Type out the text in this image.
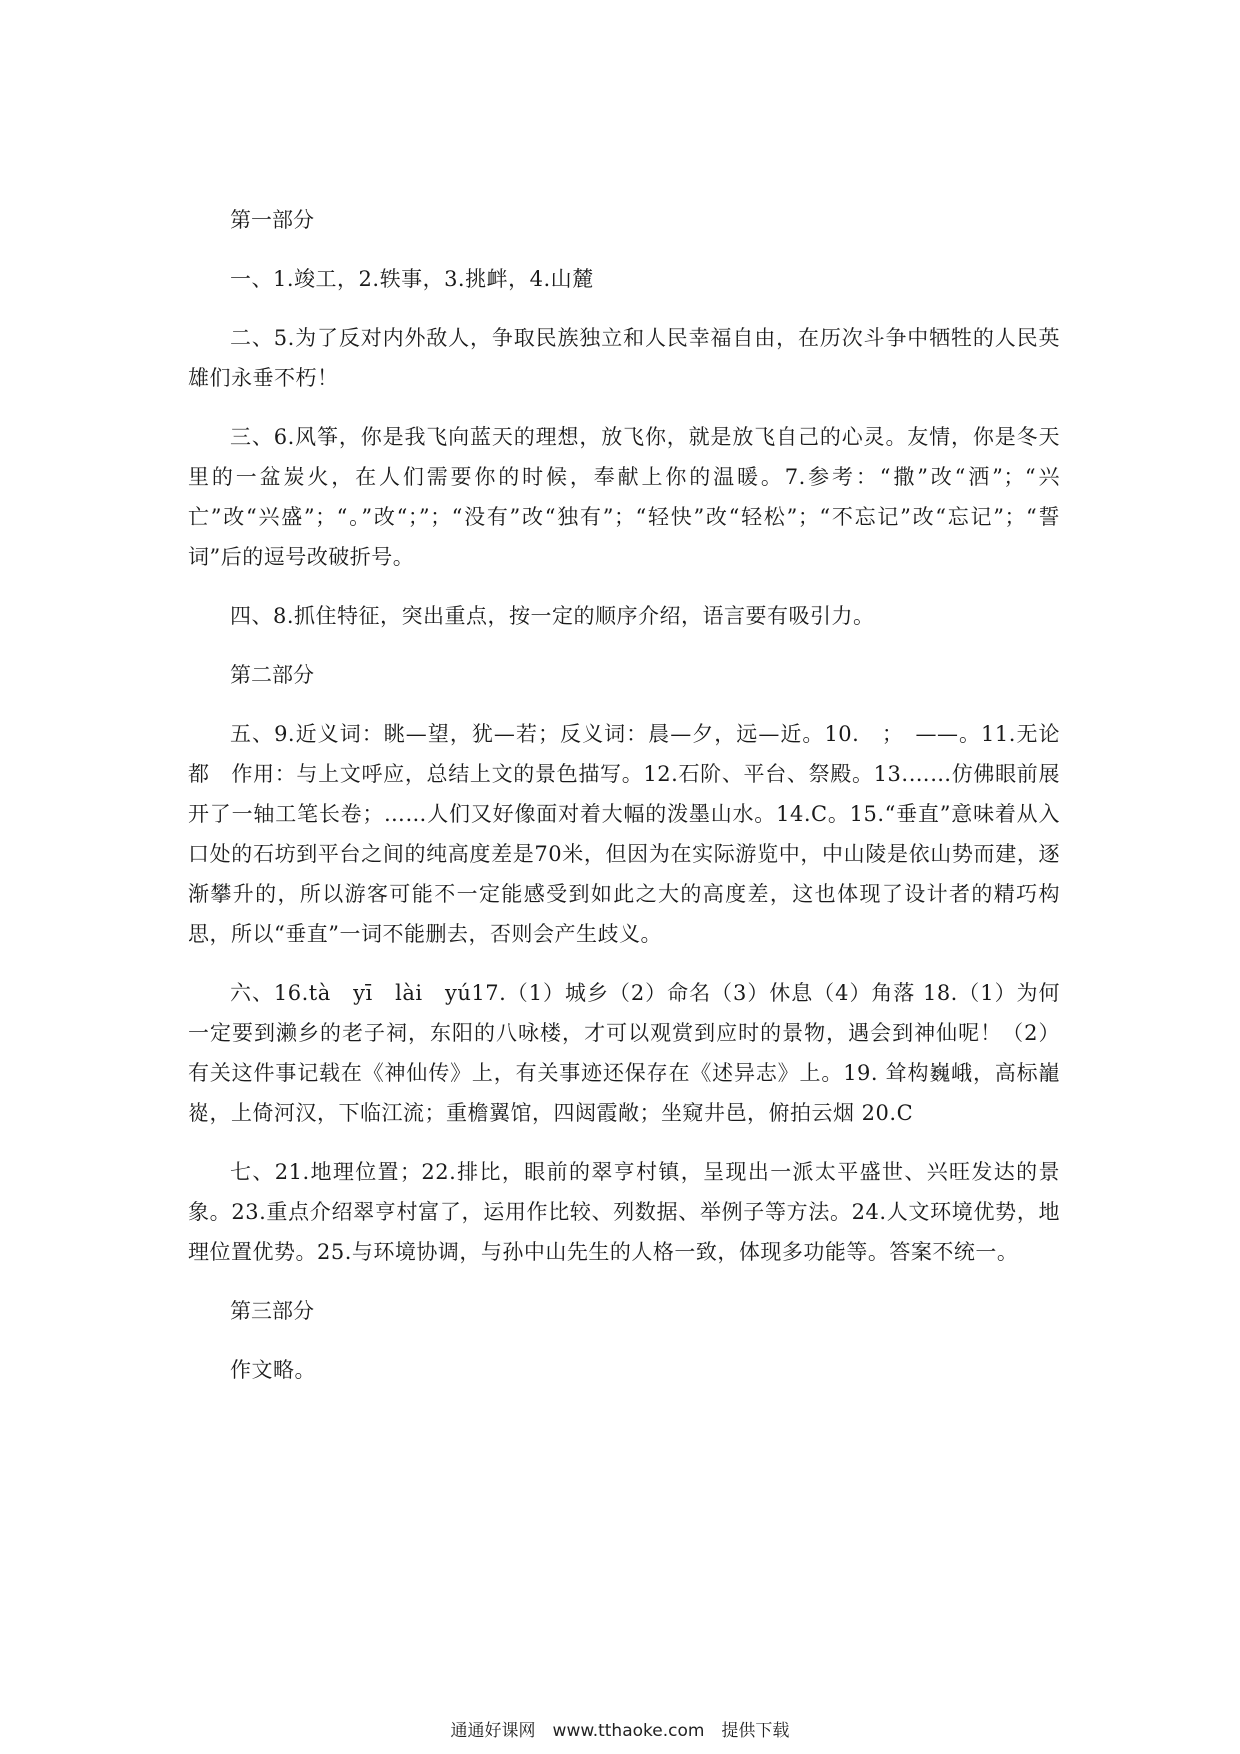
第一部分

一、1.竣工，2.轶事，3.挑衅，4.山麓

二、5.为了反对内外敌人，争取民族独立和人民幸福自由，在历次斗争中牺牲的人民英雄们永垂不朽！

三、6.风筝，你是我飞向蓝天的理想，放飞你，就是放飞自己的心灵。友情，你是冬天里的一盆炭火，在人们需要你的时候，奉献上你的温暖。7.参考：“撒”改“洒”；“兴亡”改“兴盛”；“。”改“；”；“没有”改“独有”；“轻快”改“轻松”；“不忘记”改“忘记”；“誓词”后的逗号改破折号。

四、8.抓住特征，突出重点，按一定的顺序介绍，语言要有吸引力。

第二部分

五、9.近义词：眺—望，犹—若；反义词：晨—夕，远—近。10.　；　——。11.无论　都　作用：与上文呼应，总结上文的景色描写。12.石阶、平台、祭殿。13.……仿佛眼前展开了一轴工笔长卷；……人们又好像面对着大幅的泼墨山水。14.C。15.“垂直”意味着从入口处的石坊到平台之间的纯高度差是70米，但因为在实际游览中，中山陵是依山势而建，逐渐攀升的，所以游客可能不一定能感受到如此之大的高度差，这也体现了设计者的精巧构思，所以“垂直”一词不能删去，否则会产生歧义。

六、16.tà　yī　lài　yú17.（1）城乡（2）命名（3）休息（4）角落 18.（1）为何一定要到濑乡的老子祠，东阳的八咏楼，才可以观赏到应时的景物，遇会到神仙呢！（2）有关这件事记载在《神仙传》上，有关事迹还保存在《述异志》上。19. 耸构巍峨，高标巃嵸，上倚河汉，下临江流；重檐翼馆，四闼霞敞；坐窥井邑，俯拍云烟 20.C

七、21.地理位置；22.排比，眼前的翠亨村镇，呈现出一派太平盛世、兴旺发达的景象。23.重点介绍翠亨村富了，运用作比较、列数据、举例子等方法。24.人文环境优势，地理位置优势。25.与环境协调，与孙中山先生的人格一致，体现多功能等。答案不统一。

第三部分

作文略。

通通好课网　www.tthaoke.com　提供下载
